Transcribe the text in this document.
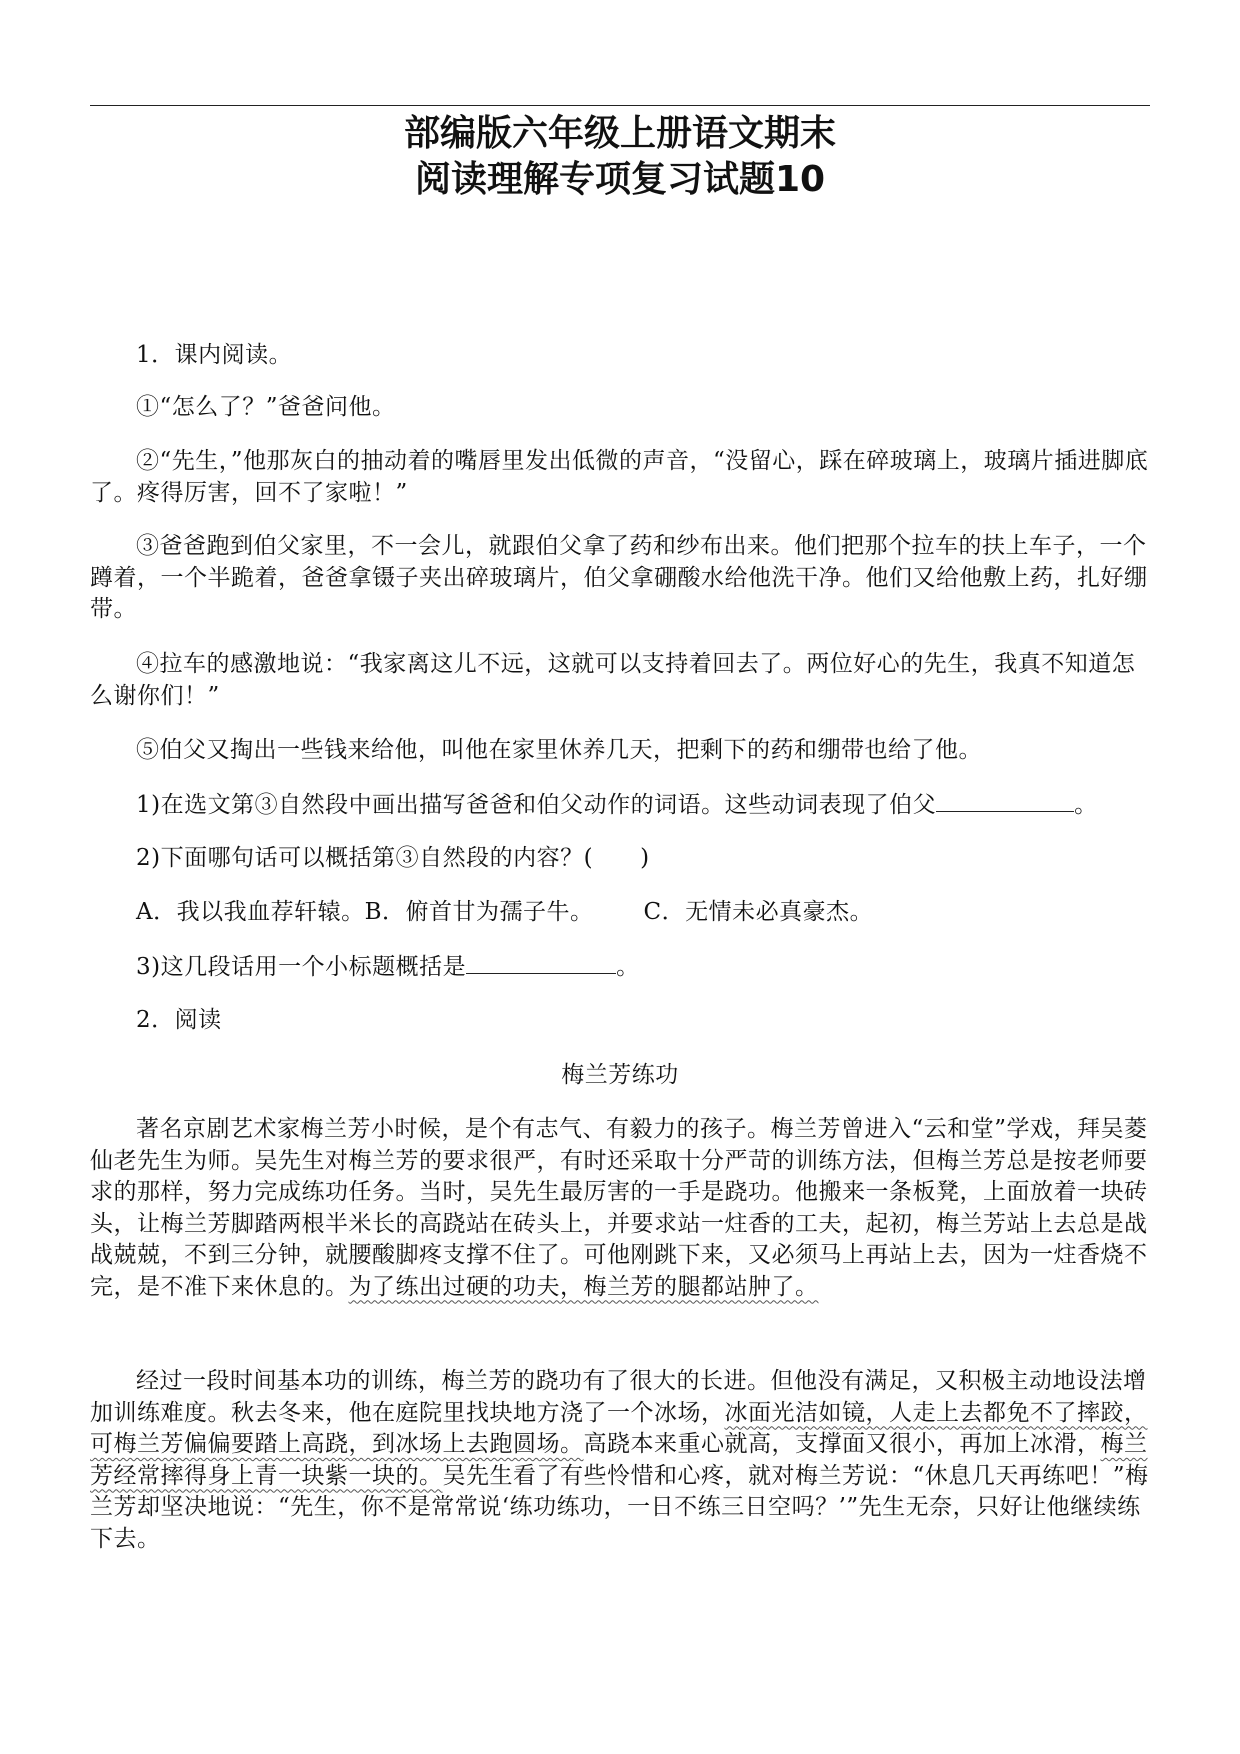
部编版六年级上册语文期末
阅读理解专项复习试题10

1．课内阅读。

①“怎么了？”爸爸问他。

②“先生，”他那灰白的抽动着的嘴唇里发出低微的声音，“没留心，踩在碎玻璃上，玻璃片插进脚底了。疼得厉害，回不了家啦！”

③爸爸跑到伯父家里，不一会儿，就跟伯父拿了药和纱布出来。他们把那个拉车的扶上车子，一个蹲着，一个半跪着，爸爸拿镊子夹出碎玻璃片，伯父拿硼酸水给他洗干净。他们又给他敷上药，扎好绷带。

④拉车的感激地说：“我家离这儿不远，这就可以支持着回去了。两位好心的先生，我真不知道怎么谢你们！”

⑤伯父又掏出一些钱来给他，叫他在家里休养几天，把剩下的药和绷带也给了他。

1)在选文第③自然段中画出描写爸爸和伯父动作的词语。这些动词表现了伯父	。

2)下面哪句话可以概括第③自然段的内容？(　　)

A．我以我血荐轩辕。B．俯首甘为孺子牛。 C．无情未必真豪杰。

3)这几段话用一个小标题概括是	。

2．阅读

梅兰芳练功

著名京剧艺术家梅兰芳小时候，是个有志气、有毅力的孩子。梅兰芳曾进入“云和堂”学戏，拜吴菱仙老先生为师。吴先生对梅兰芳的要求很严，有时还采取十分严苛的训练方法，但梅兰芳总是按老师要求的那样，努力完成练功任务。当时，吴先生最厉害的一手是跷功。他搬来一条板凳，上面放着一块砖头，让梅兰芳脚踏两根半米长的高跷站在砖头上，并要求站一炷香的工夫，起初，梅兰芳站上去总是战战兢兢，不到三分钟，就腰酸脚疼支撑不住了。可他刚跳下来，又必须马上再站上去，因为一炷香烧不完，是不准下来休息的。为了练出过硬的功夫，梅兰芳的腿都站肿了。

经过一段时间基本功的训练，梅兰芳的跷功有了很大的长进。但他没有满足，又积极主动地设法增加训练难度。秋去冬来，他在庭院里找块地方浇了一个冰场，冰面光洁如镜，人走上去都免不了摔跤，可梅兰芳偏偏要踏上高跷，到冰场上去跑圆场。高跷本来重心就高，支撑面又很小，再加上冰滑，梅兰芳经常摔得身上青一块紫一块的。吴先生看了有些怜惜和心疼，就对梅兰芳说：“休息几天再练吧！”梅兰芳却坚决地说：“先生，你不是常常说‘练功练功，一日不练三日空吗？’”先生无奈，只好让他继续练下去。
